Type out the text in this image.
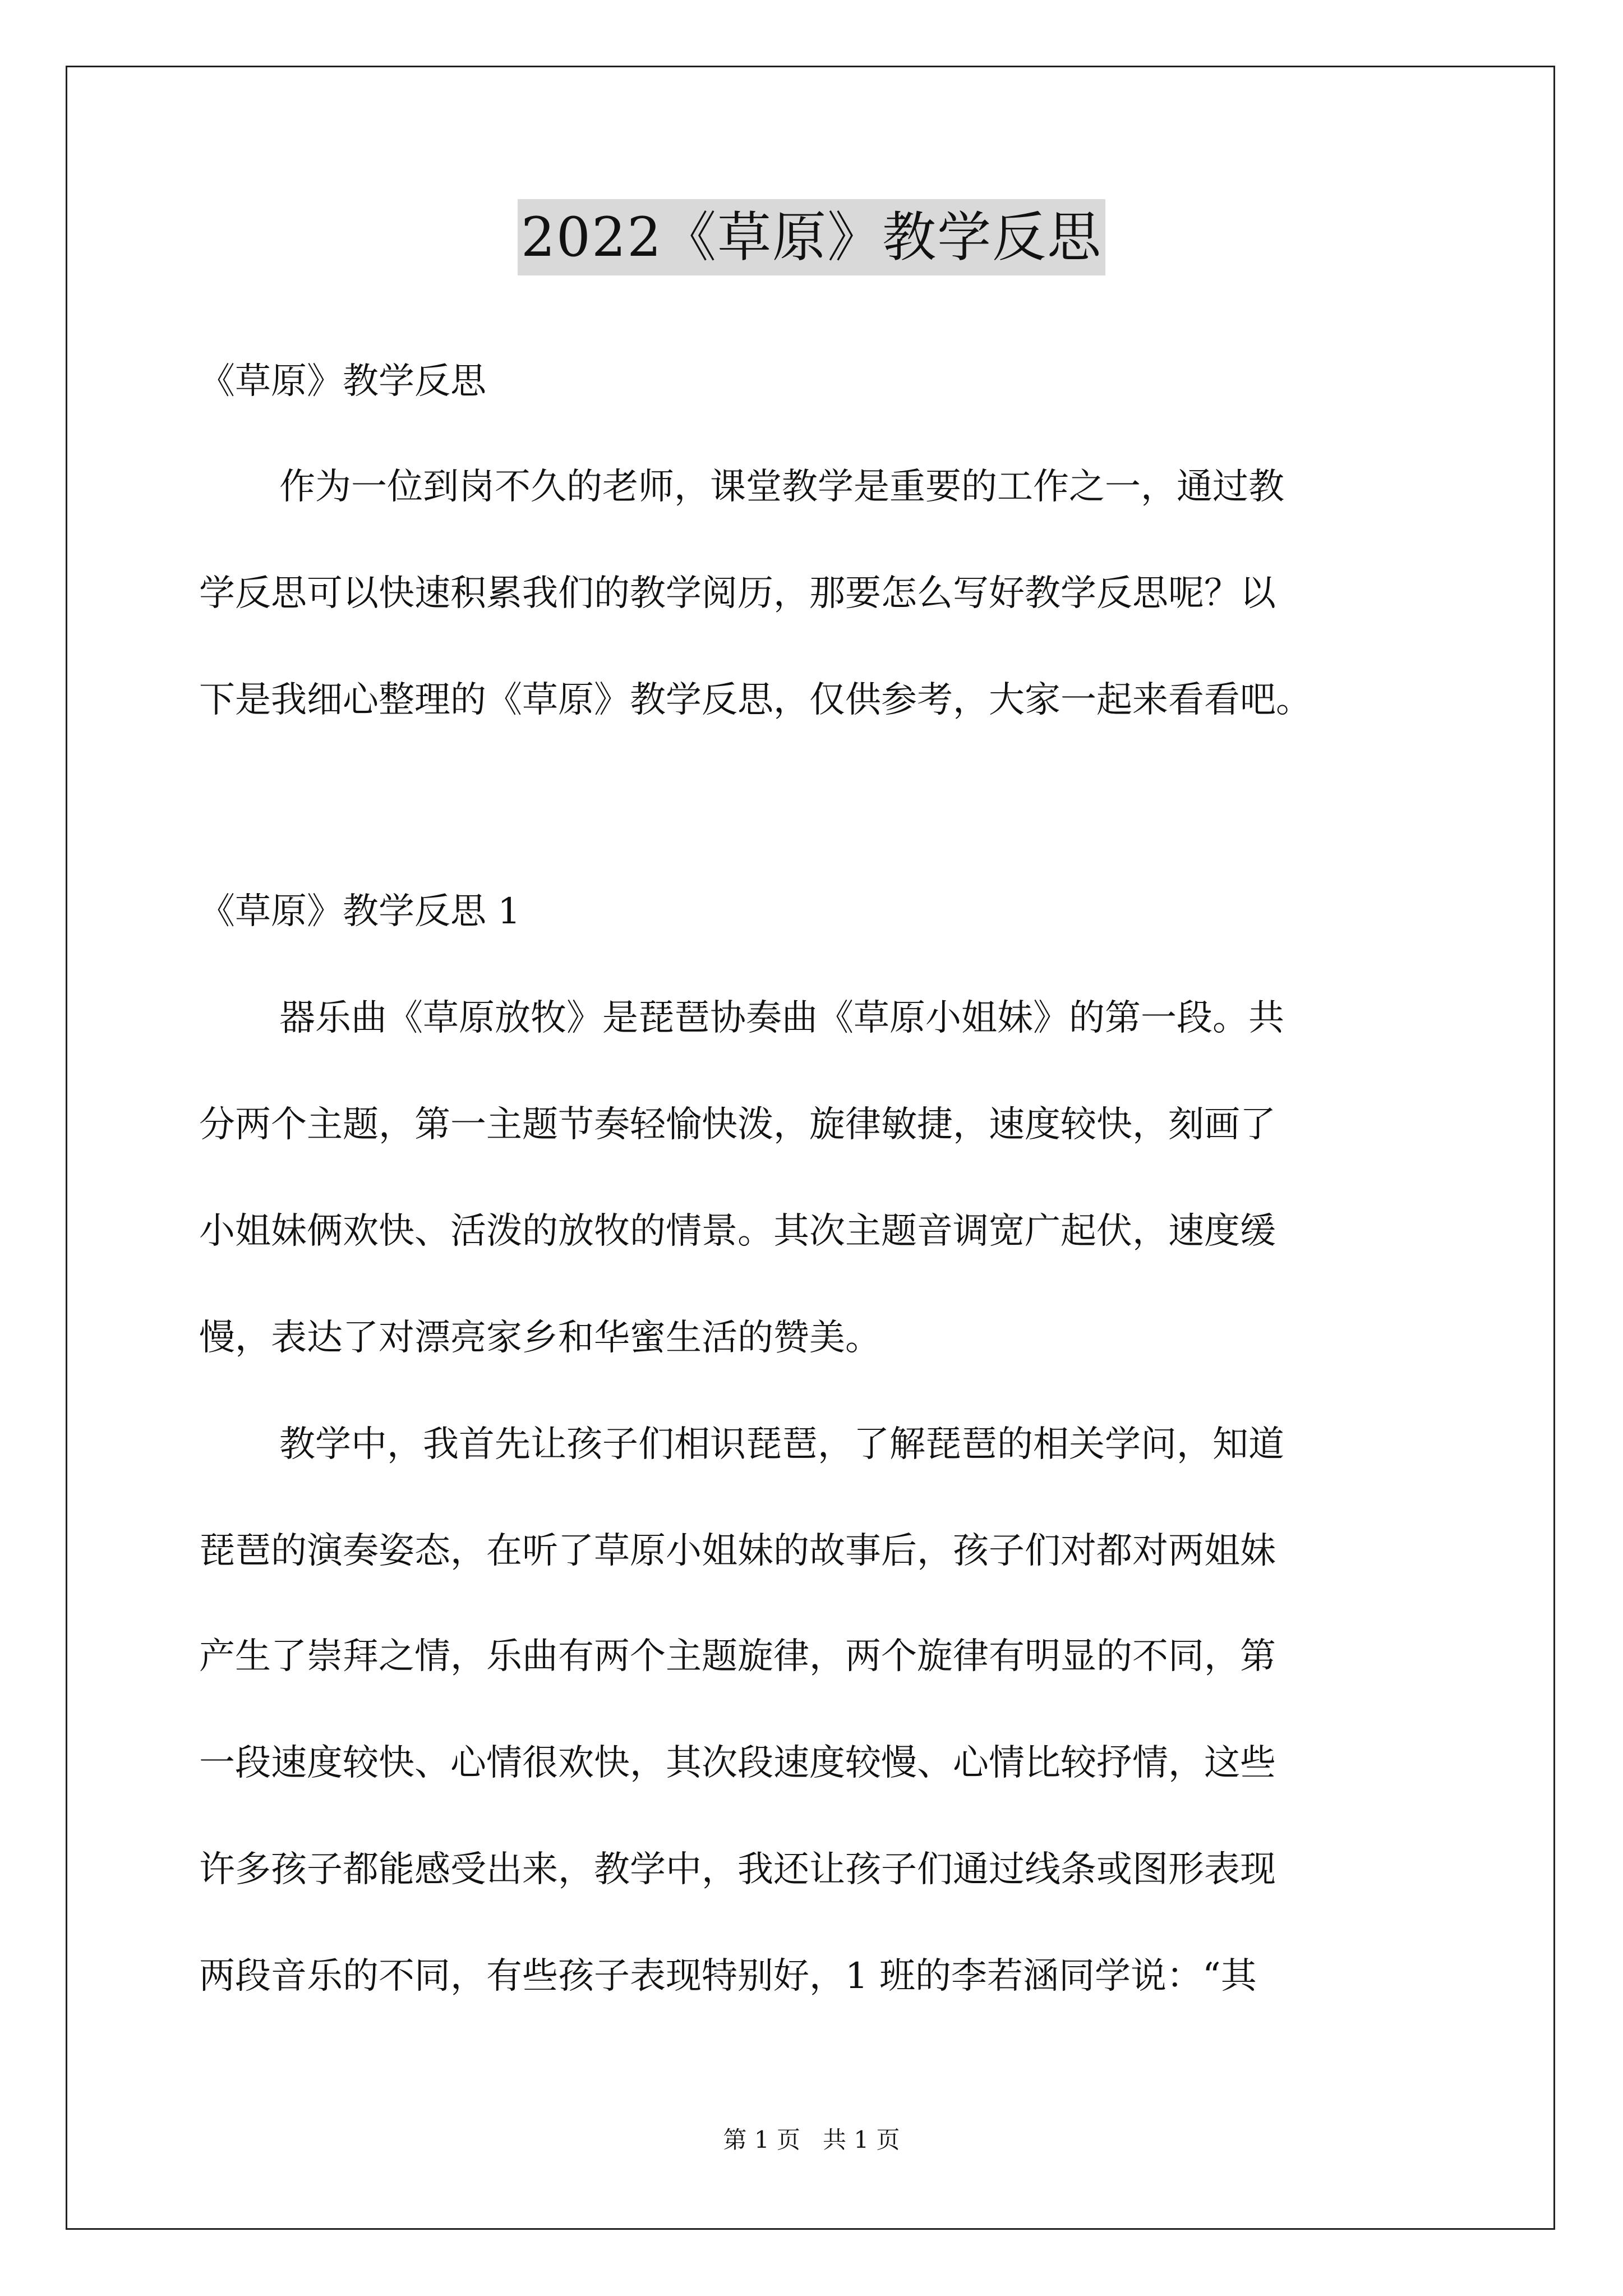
2022《草原》教学反思
《草原》教学反思
作为一位到岗不久的老师，课堂教学是重要的工作之一，通过教
学反思可以快速积累我们的教学阅历，那要怎么写好教学反思呢？以
下是我细心整理的《草原》教学反思，仅供参考，大家一起来看看吧。
《草原》教学反思 1
器乐曲《草原放牧》是琵琶协奏曲《草原小姐妹》的第一段。共
分两个主题，第一主题节奏轻愉快泼，旋律敏捷，速度较快，刻画了
小姐妹俩欢快、活泼的放牧的情景。其次主题音调宽广起伏，速度缓
慢，表达了对漂亮家乡和华蜜生活的赞美。
教学中，我首先让孩子们相识琵琶，了解琵琶的相关学问，知道
琵琶的演奏姿态，在听了草原小姐妹的故事后，孩子们对都对两姐妹
产生了崇拜之情，乐曲有两个主题旋律，两个旋律有明显的不同，第
一段速度较快、心情很欢快，其次段速度较慢、心情比较抒情，这些
许多孩子都能感受出来，教学中，我还让孩子们通过线条或图形表现
两段音乐的不同，有些孩子表现特别好，1 班的李若涵同学说：“其
第 1 页   共 1 页
